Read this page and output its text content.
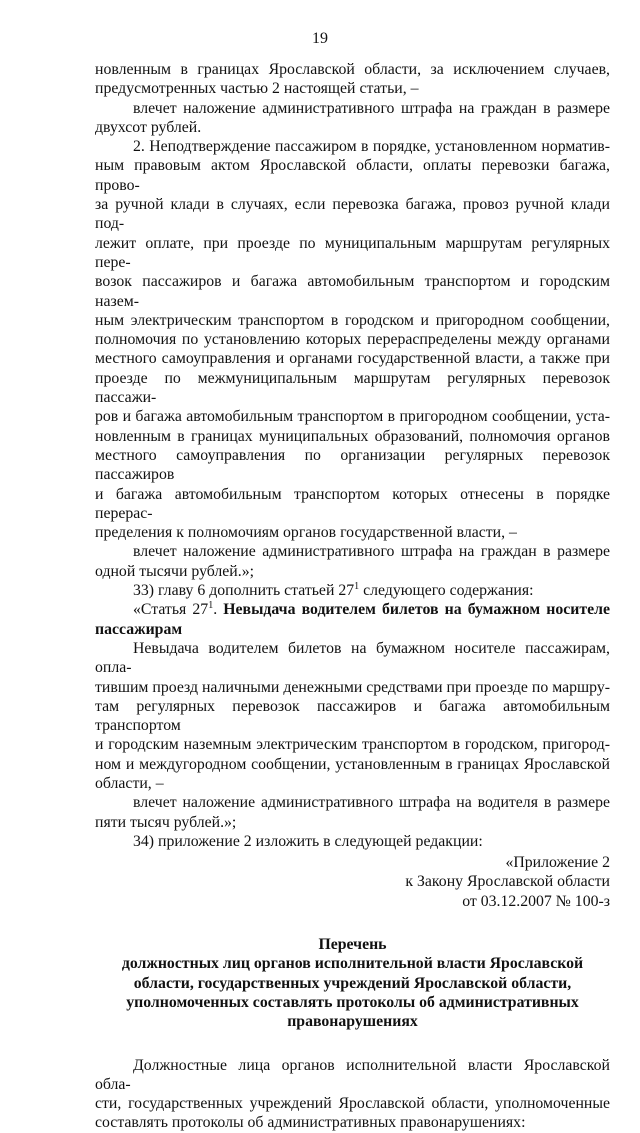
19

новленным в границах Ярославской области, за исключением случаев,
предусмотренных частью 2 настоящей статьи, –

влечет наложение административного штрафа на граждан в размере
двухсот рублей.

2. Неподтверждение пассажиром в порядке, установленном норматив-
ным правовым актом Ярославской области, оплаты перевозки багажа, прово-
за ручной клади в случаях, если перевозка багажа, провоз ручной клади под-
лежит оплате, при проезде по муниципальным маршрутам регулярных пере-
возок пассажиров и багажа автомобильным транспортом и городским назем-
ным электрическим транспортом в городском и пригородном сообщении,
полномочия по установлению которых перераспределены между органами
местного самоуправления и органами государственной власти, а также при
проезде по межмуниципальным маршрутам регулярных перевозок пассажи-
ров и багажа автомобильным транспортом в пригородном сообщении, уста-
новленным в границах муниципальных образований, полномочия органов
местного самоуправления по организации регулярных перевозок пассажиров
и багажа автомобильным транспортом которых отнесены в порядке перерас-
пределения к полномочиям органов государственной власти, –

влечет наложение административного штрафа на граждан в размере
одной тысячи рублей.»;

33) главу 6 дополнить статьей $27^1$ следующего содержания:

«Статья $27^1$. Невыдача водителем билетов на бумажном носителе
пассажирам

Невыдача водителем билетов на бумажном носителе пассажирам, опла-
тившим проезд наличными денежными средствами при проезде по маршру-
там регулярных перевозок пассажиров и багажа автомобильным транспортом
и городским наземным электрическим транспортом в городском, пригород-
ном и междугородном сообщении, установленным в границах Ярославской
области, –

влечет наложение административного штрафа на водителя в размере
пяти тысяч рублей.»;

34) приложение 2 изложить в следующей редакции:

«Приложение 2
к Закону Ярославской области
от 03.12.2007 № 100-з
Перечень
должностных лиц органов исполнительной власти Ярославской
области, государственных учреждений Ярославской области,
уполномоченных составлять протоколы об административных
правонарушениях

Должностные лица органов исполнительной власти Ярославской обла-
сти, государственных учреждений Ярославской области, уполномоченные
составлять протоколы об административных правонарушениях:
